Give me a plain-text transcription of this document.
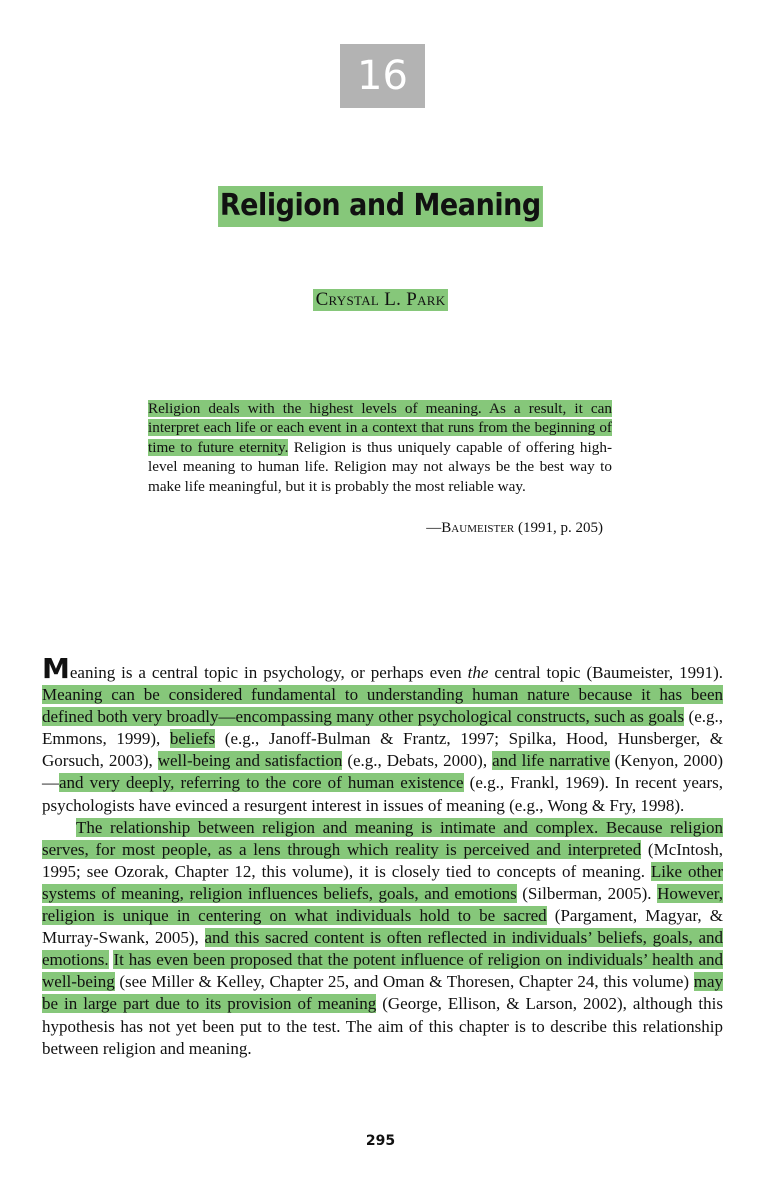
16
Religion and Meaning
Crystal L. Park
Religion deals with the highest levels of meaning. As a result, it can interpret each life or each event in a context that runs from the beginning of time to future eternity. Religion is thus uniquely capable of offering high-level meaning to human life. Religion may not always be the best way to make life meaningful, but it is probably the most reliable way.
—Baumeister (1991, p. 205)

Meaning is a central topic in psychology, or perhaps even the central topic (Baumeister, 1991). Meaning can be considered fundamental to understanding human nature because it has been defined both very broadly—encompassing many other psychological constructs, such as goals (e.g., Emmons, 1999), beliefs (e.g., Janoff-Bulman & Frantz, 1997; Spilka, Hood, Hunsberger, & Gorsuch, 2003), well-being and satisfaction (e.g., Debats, 2000), and life narrative (Kenyon, 2000)—and very deeply, referring to the core of human existence (e.g., Frankl, 1969). In recent years, psychologists have evinced a resurgent interest in issues of meaning (e.g., Wong & Fry, 1998).

The relationship between religion and meaning is intimate and complex. Because religion serves, for most people, as a lens through which reality is perceived and interpreted (McIntosh, 1995; see Ozorak, Chapter 12, this volume), it is closely tied to concepts of meaning. Like other systems of meaning, religion influences beliefs, goals, and emotions (Silberman, 2005). However, religion is unique in centering on what individuals hold to be sacred (Pargament, Magyar, & Murray-Swank, 2005), and this sacred content is often reflected in individuals’ beliefs, goals, and emotions. It has even been proposed that the potent influence of religion on individuals’ health and well-being (see Miller & Kelley, Chapter 25, and Oman & Thoresen, Chapter 24, this volume) may be in large part due to its provision of meaning (George, Ellison, & Larson, 2002), although this hypothesis has not yet been put to the test. The aim of this chapter is to describe this relationship between religion and meaning.

295
